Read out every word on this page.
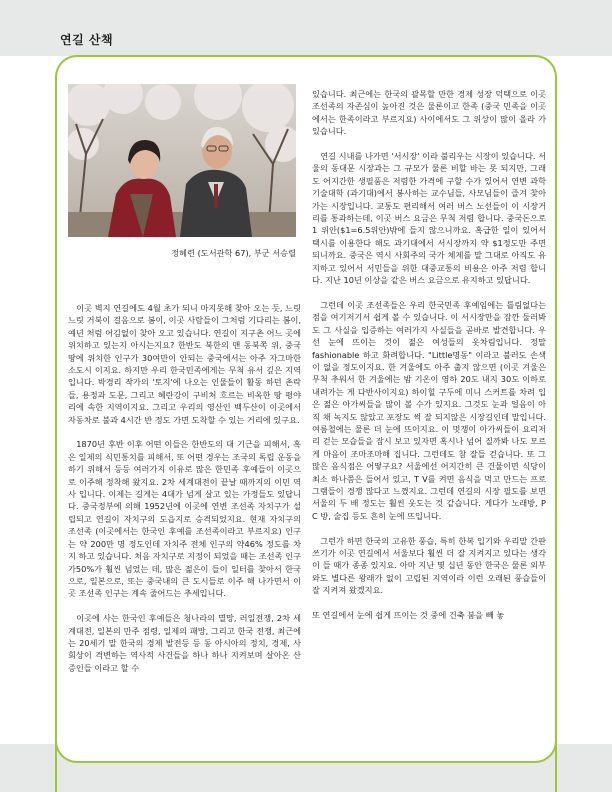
연길 산책

정혜련 (도서관학 67), 부군 서승렬

이곳 벽지 연길에도 4월 초가 되니 마지못해 찾아 오는 듯, 느릿느릿 거북이 걸음으로 봄이, 이곳 사람들이 그처럼 기다리는 봄이, 예년 처럼 어김없이 찾아 오고 있습니다. 연길이 지구촌 어느 곳에 위치하고 있는지 아시는지요? 한반도 북한의 맨 동북쪽 위, 중국 땅에 위치한 인구가 30여만이 안되는 중국에서는 아주 자그마한 소도시 이지요. 하지만 우리 한국민족에게는 무척 유서 깊은 지역입니다. 박경리 작가의 '토지'에 나오는 인물들이 활동 하던 촌락들, 용정과 도문, 그리고 혜란강이 구비쳐 흐르는 비옥한 땅 평야리에 속한 지역이지요. 그리고 우리의 영산인 백두산이 이곳에서 자동차로 불과 4시간 반 정도 가면 도착할 수 있는 거리에 있구요.

1870년 후반 이후 어떤 이들은 한반도의 대 기근을 피해서, 혹은 일제의 식민통치를 피해서, 또 어떤 경우는 조국의 독립 운동을 하기 위해서 등등 여러가지 이유로 많은 한민족 후예들이 이곳으로 이주해 정착해 왔지요. 2차 세계대전이 끝날 때까지의 이민 역사 입니다. 이제는 길게는 4대가 넘게 살고 있는 가정들도 있답니다. 중국정부에 의해 1952년에 이곳에 연변 조선족 자치구가 설립되고 연길이 자치구의 도읍지로 승격되었지요. 현재 자치구의 조선족 (이곳에서는 한국인 후예를 조선족이라고 부르지요) 인구는 약 200만 명 정도인데 자치주 전체 인구의 약46% 정도를 차지 하고 있습니다. 처음 자치구로 지정이 되었을 때는 조선족 인구가50%가 훨씬 넘었는 데, 많은 젊은이 들이 일터를 찾아서 한국으로, 일본으로, 또는 중국내의 큰 도시들로 이주 해 나가면서 이곳 조선족 인구는 계속 줄어드는 추세입니다.

이곳에 사는 한국인 후예들은 청나라의 멸망, 러일전쟁, 2차 세계대전, 일본의 만주 점령, 일제의 패망, 그리고 한국 전쟁, 최근에는 20세기 말 한국의 경제 발전등 등 동 아시아의 정치, 경제, 사회상이 격변하는 역사적 사건들을 하나 하나 지켜보며 살아온 산 증인들 이라고 할 수

있습니다. 최근에는 한국의 괄목할 만한 경제 성장 덕택으로 이곳 조선족의 자존심이 높아진 것은 물론이고 한족 (중국 민족을 이곳에서는 한족이라고 부르지요) 사이에서도 그 위상이 많이 올라 가 있습니다.

연길 시내를 나가면 '서시장' 이라 불리우는 시장이 있습니다. 서울의 동대문 시장과는 그 규모가 물론 비할 바는 못 되지만, 그래도 어지간한 생필품은 저렴한 가격에 구할 수가 있어서 연변 과학 기술대학 (과기대)에서 봉사하는 교수님들, 사모님들이 즐겨 찾아가는 시장입니다. 교통도 편리해서 여러 버스 노선들이 이 시장거리를 통과하는데, 이곳 버스 요금은 무척 저렴 합니다. 중국돈으로 1 위안($1=6.5위안)밖에 들지 않으니까요. 혹급한 일이 있어서 택시를 이용한다 해도 과기대에서 서시장까지 약 $1정도만 주면 되니까요. 중국은 역시 사회주의 국가 체제를 말 그대로 아직도 유지하고 있어서 서민들을 위한 대중교통의 비용은 아주 저렴 합니다. 지난 10년 이상을 같은 버스 요금으로 유지하고 있답니다.

그런데 이곳 조선족들은 우리 한국민족 후예임에는 틀림없다는 점을 여기저기서 쉽게 볼 수 있습니다. 이 서시장만을 잠깐 둘러봐도 그 사실을 입증하는 여러가지 사실들을 곧바로 발견합니다. 우선 눈에 뜨이는 것이 젊은 여성들의 옷차림입니다. 정말 fashionable 하고 화려합니다. "Little명동" 이라고 불러도 손색이 없을 정도이지요. 한 겨울에도 아주 춥지 않으면 (이곳 겨울은 무척 추워서 한 겨울에는 밤 기온이 영하 20도 내지 30도 이하로 내려가는 게 다반사이지요) 하이힐 구두에 미니 스커트를 차려 입은 젊은 아가씨들을 많이 볼 수가 있지요. 그것도 눈과 얼음이 아직 채 녹지도 않았고 포장도 썩 잘 되지않은 시장길인데 말입니다. 여름철에는 물론 더 눈에 뜨이지요. 이 멋쟁이 아가씨들이 요리저리 걷는 모습들을 잠시 보고 있자면 혹시나 넘어 질까봐 나도 모르게 마음이 조마조마해 집니다. 그런데도 참 잘들 걷습니다. 또 그 많은 음식점은 어떻구요? 서울에선 어지간히 큰 건물이면 식당이 최소 하나쯤은 들어서 있고, T V를 켜면 음식을 먹고 만드는 프로그램들이 경쟁 많다고 느꼈지요. 그런데 연길의 시장 필도를 보면 서울의 두 배 정도는 훨씬 웃도는 것 같습니다. 게다가 노래방, P C 방, 술집 등도 흔히 눈에 뜨입니다.

그런가 하면 한국의 고유한 풍습, 특히 한복 입기와 우리말 간판 쓰기가 이곳 연길에서 서울보다 훨씬 더 잘 지켜지고 있다는 생각이 들 때가 종종 있지요. 아마 지난 몇 십년 동안 한국은 물론 외부와도 별다른 왕래가 없이 고립된 지역이라 이런 오래된 풍습들이 잘 지켜져 왔겠지요.

또 연길에서 눈에 쉽게 뜨이는 것 중에 건축 붐을 빼 놓
